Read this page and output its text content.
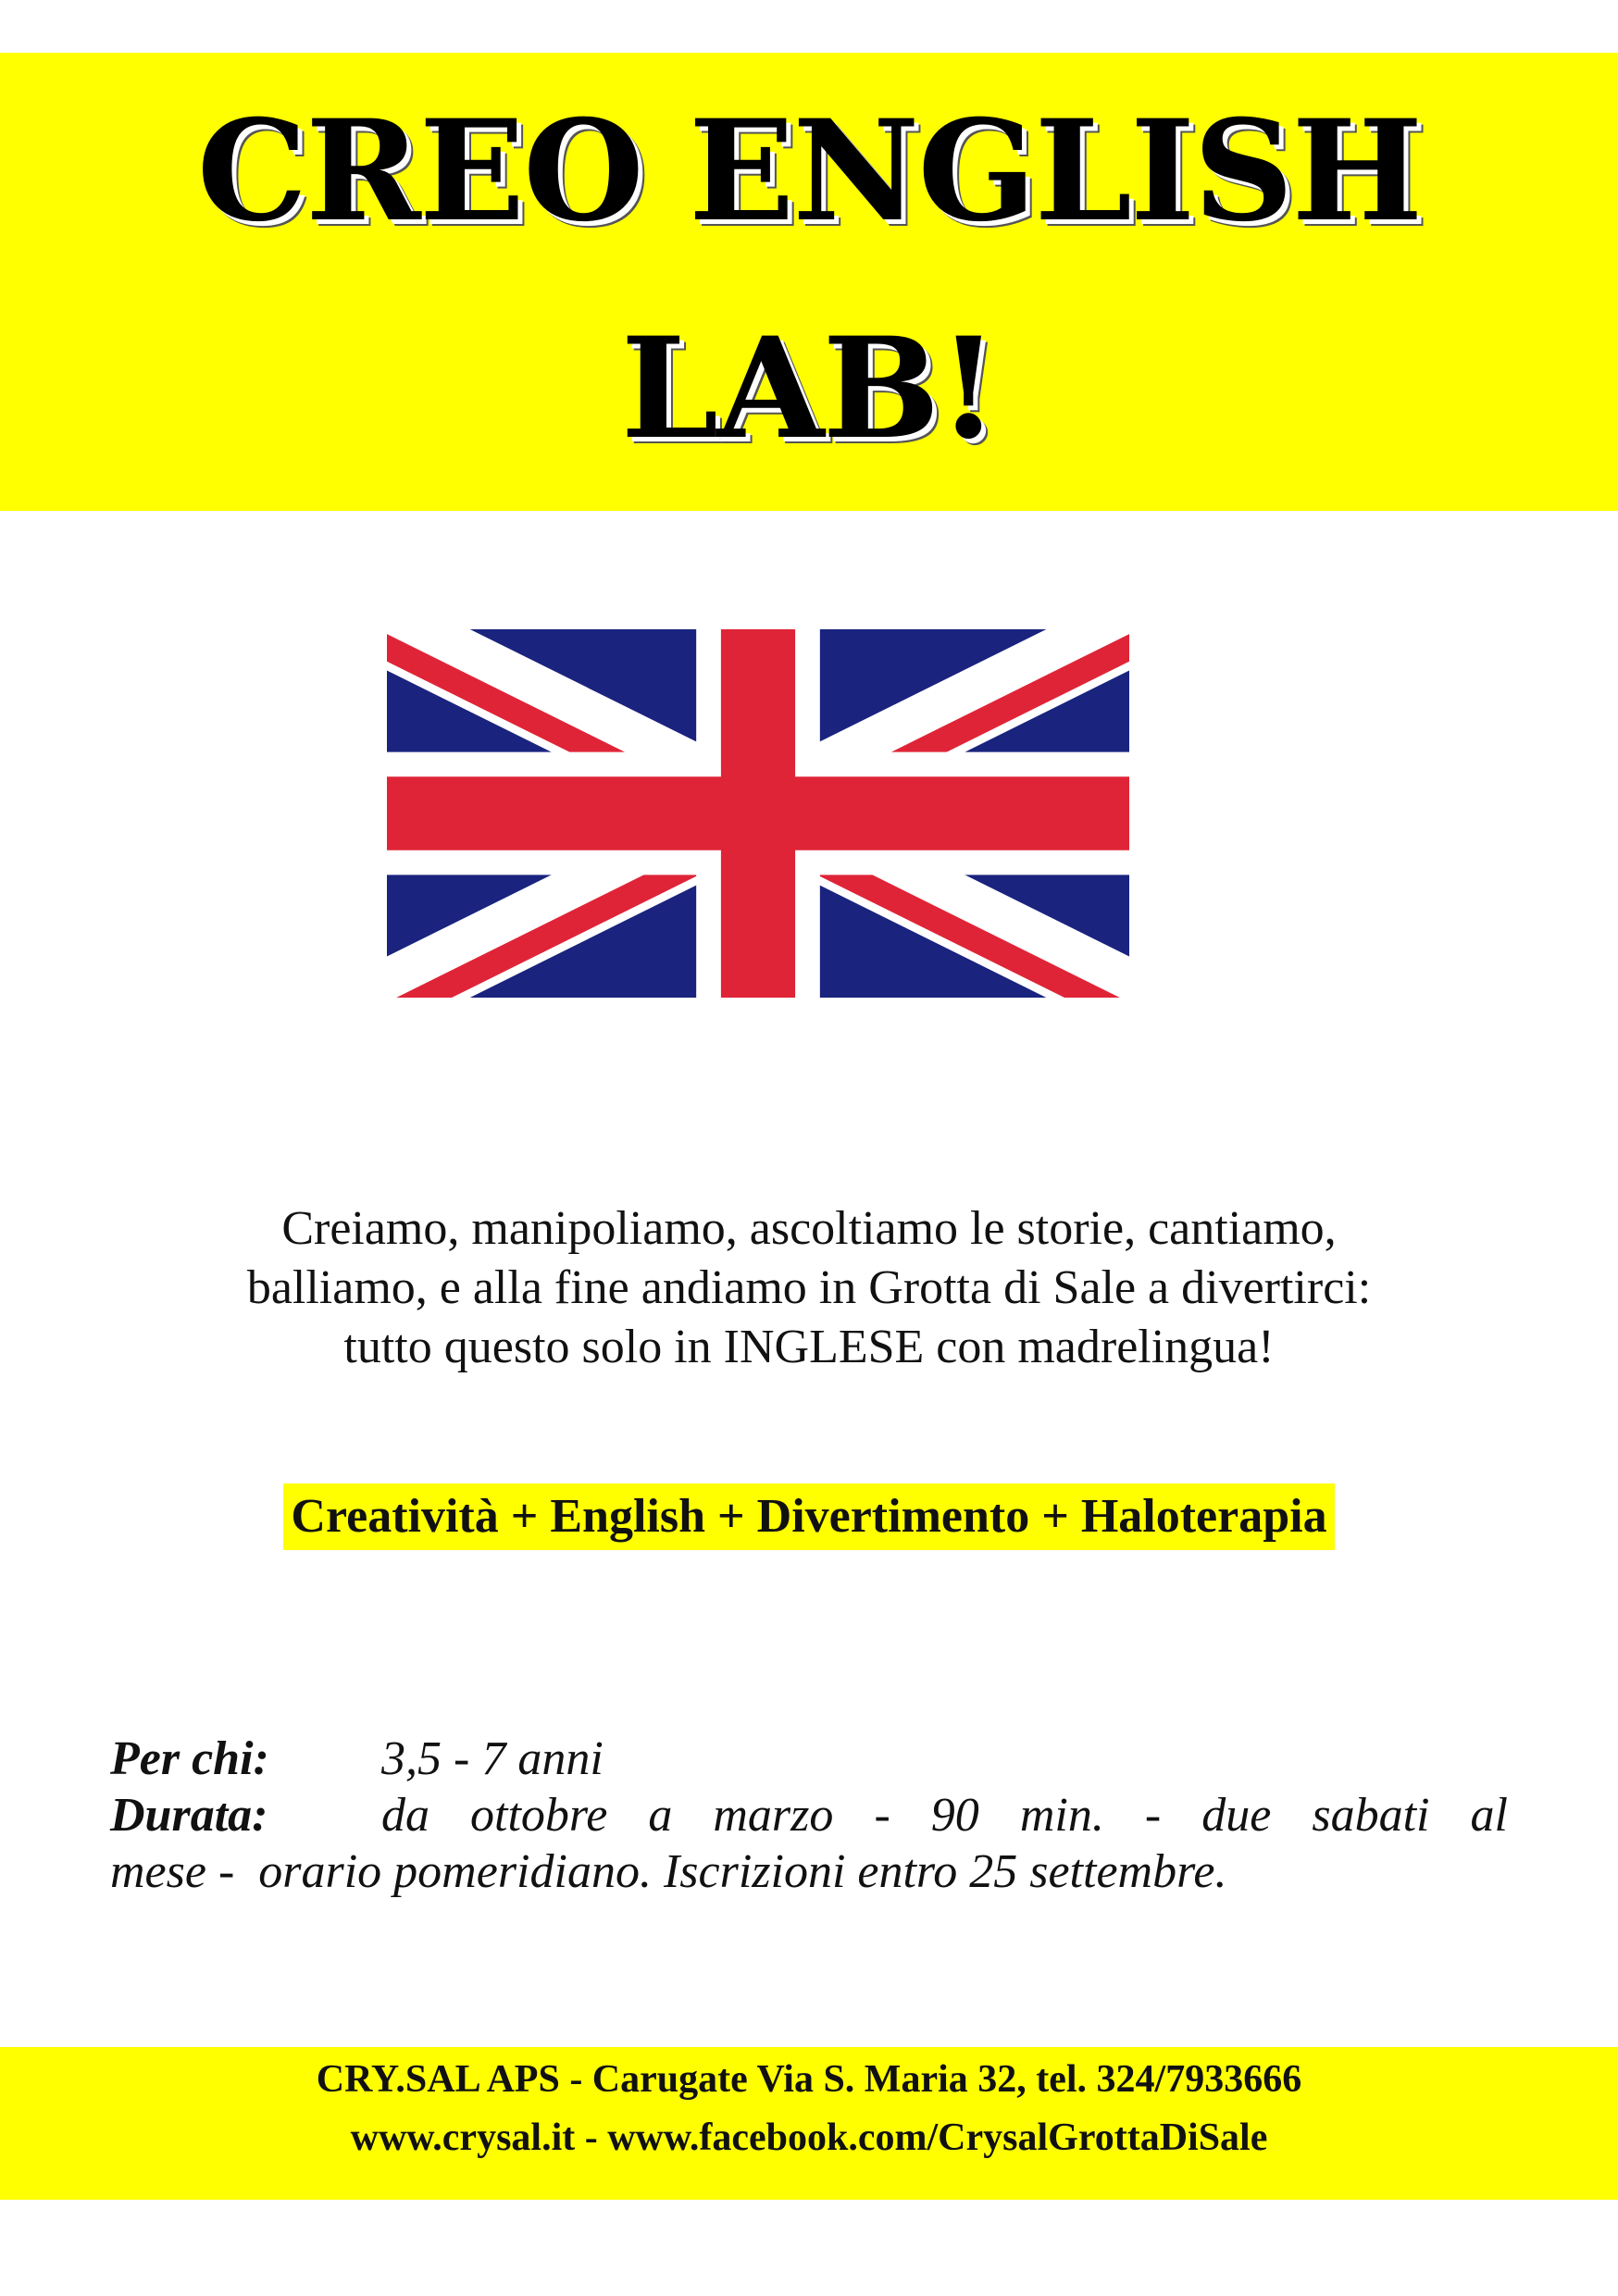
CREO ENGLISH
LAB!
Creiamo, manipoliamo, ascoltiamo le storie, cantiamo,
balliamo, e alla fine andiamo in Grotta di Sale a divertirci:
tutto questo solo in INGLESE con madrelingua!
Creatività + English + Divertimento + Haloterapia
Per chi: 3,5 - 7 anni
Durata:	da ottobre a marzo - 90 min. - due sabati al
mese -  orario pomeridiano. Iscrizioni entro 25 settembre.
CRY.SAL APS - Carugate Via S. Maria 32, tel. 324/7933666
www.crysal.it - www.facebook.com/CrysalGrottaDiSale
